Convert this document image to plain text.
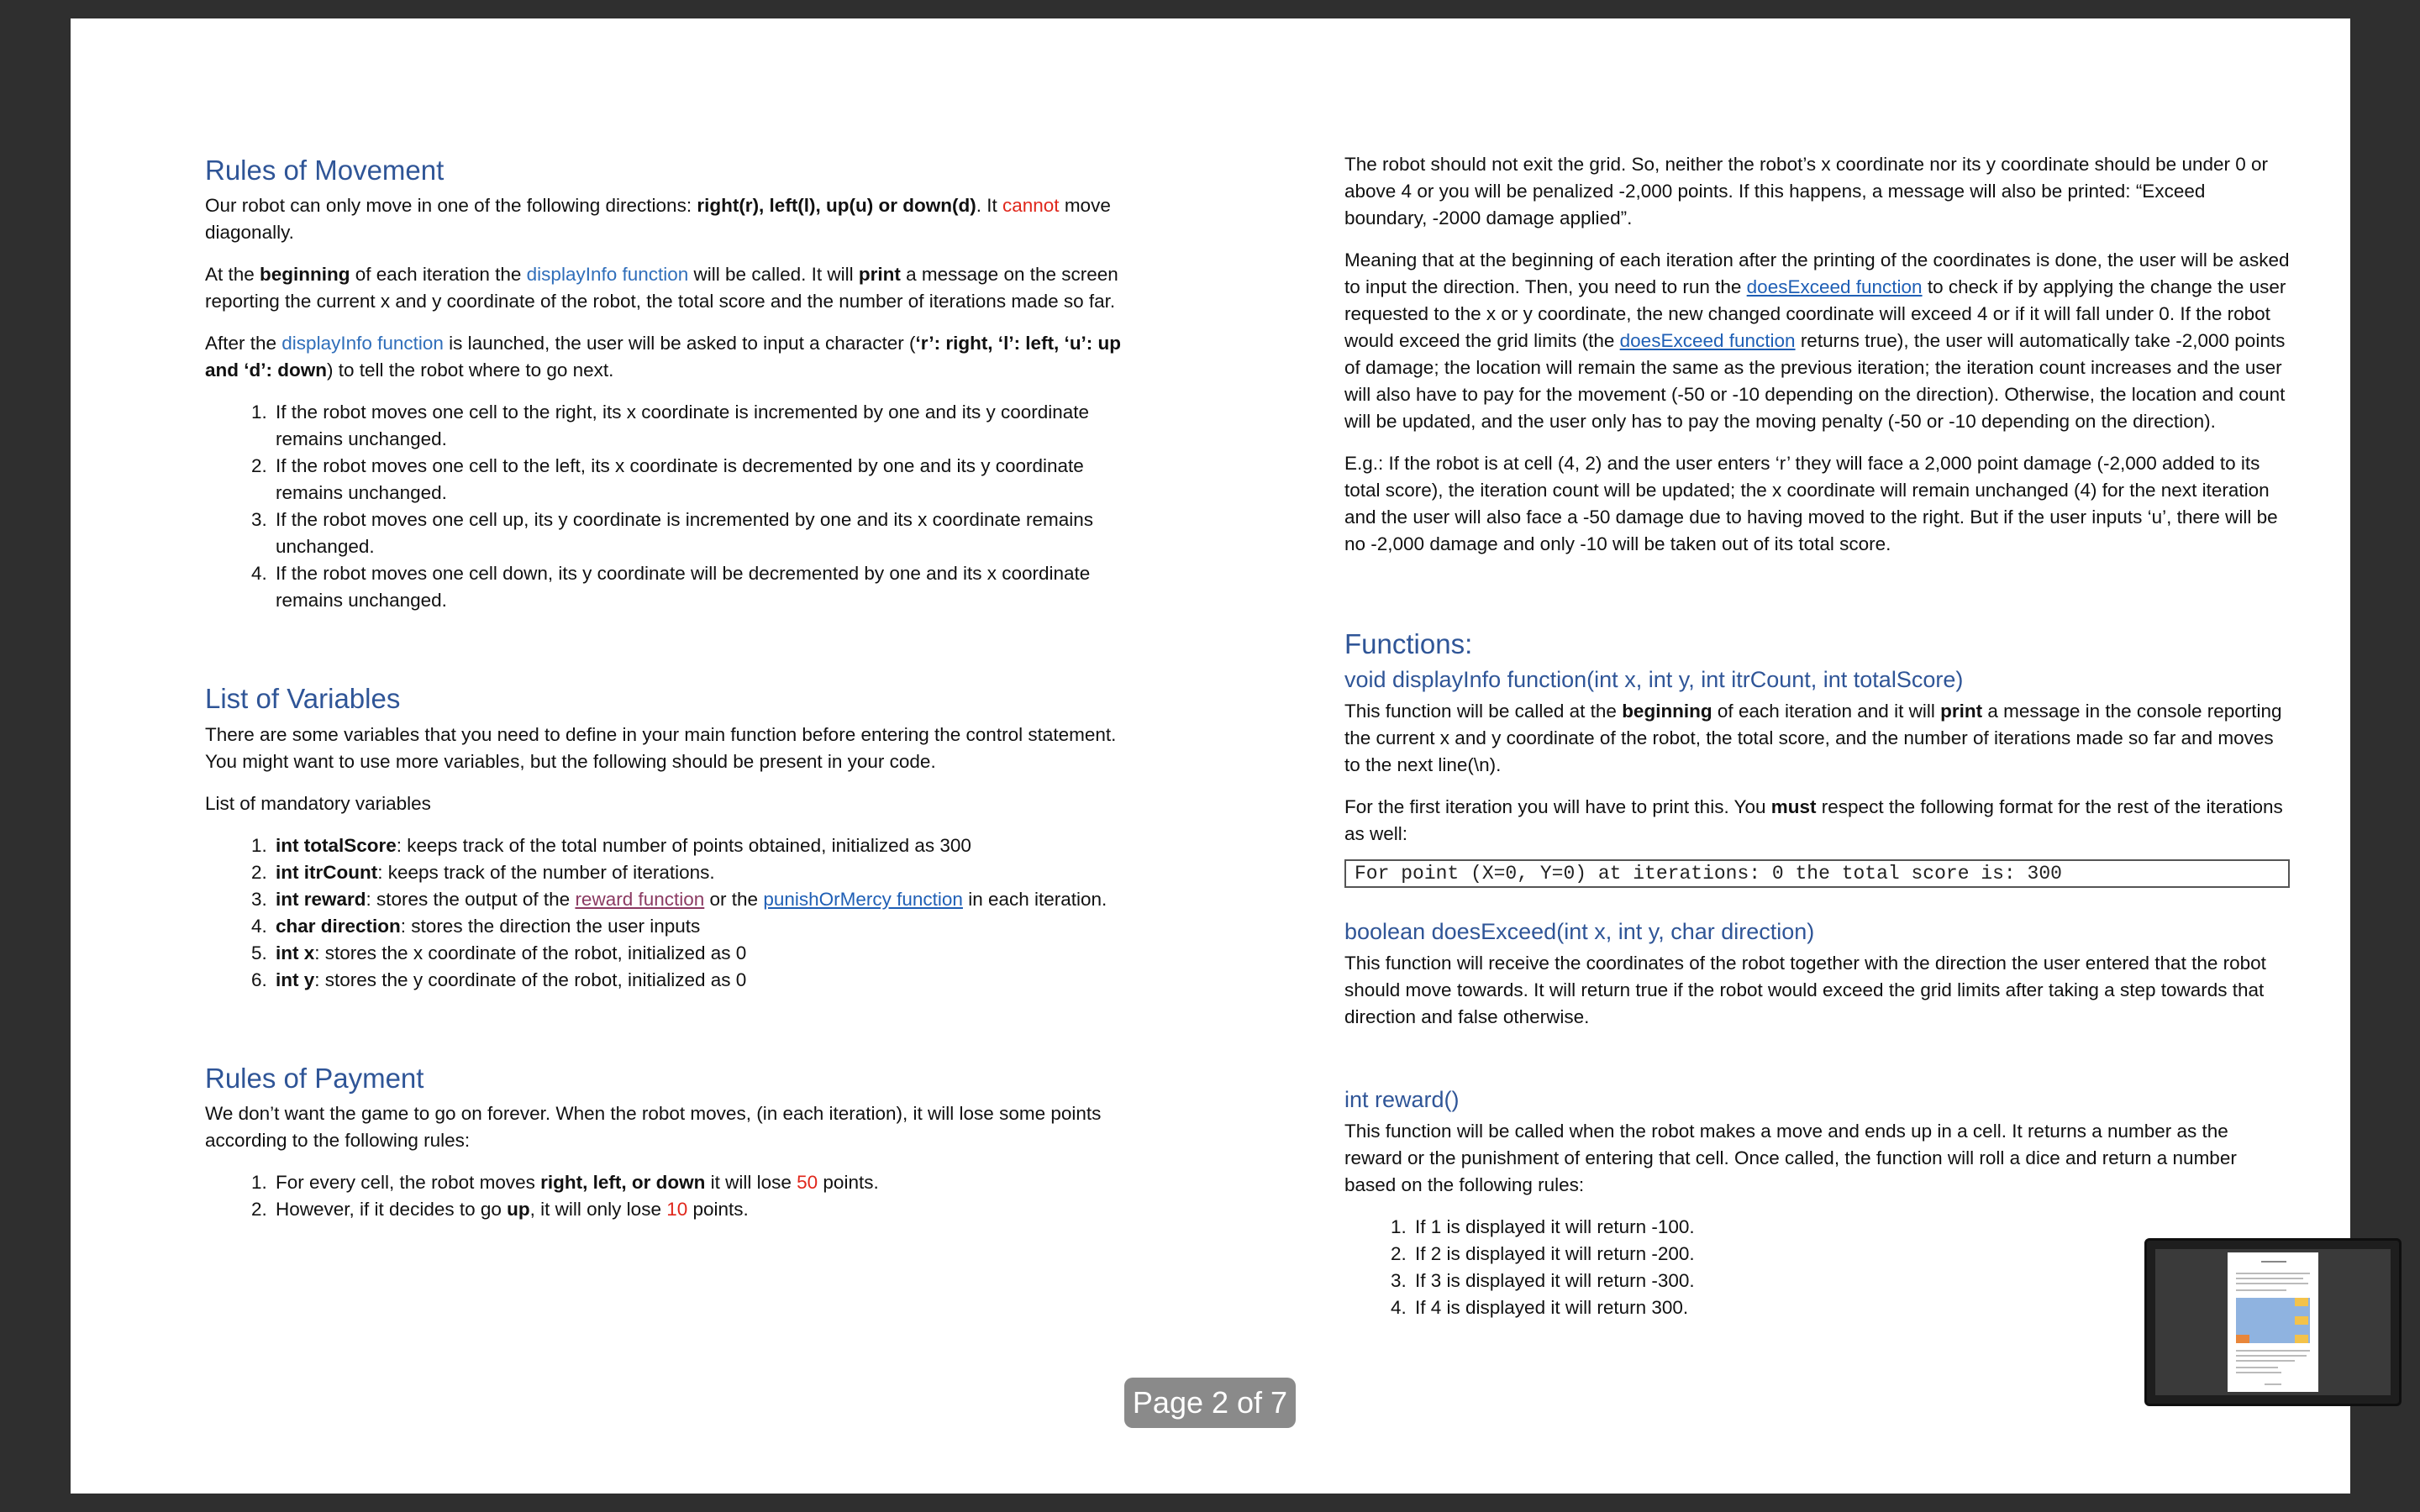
Rules of Movement

Our robot can only move in one of the following directions: right(r), left(l), up(u) or down(d). It cannot move diagonally.

At the beginning of each iteration the displayInfo function will be called. It will print a message on the screen reporting the current x and y coordinate of the robot, the total score and the number of iterations made so far.

After the displayInfo function is launched, the user will be asked to input a character (‘r’: right, ‘l’: left, ‘u’: up and ‘d’: down) to tell the robot where to go next.

1. If the robot moves one cell to the right, its x coordinate is incremented by one and its y coordinate remains unchanged.
2. If the robot moves one cell to the left, its x coordinate is decremented by one and its y coordinate remains unchanged.
3. If the robot moves one cell up, its y coordinate is incremented by one and its x coordinate remains unchanged.
4. If the robot moves one cell down, its y coordinate will be decremented by one and its x coordinate remains unchanged.
List of Variables

There are some variables that you need to define in your main function before entering the control statement. You might want to use more variables, but the following should be present in your code.

List of mandatory variables

1. int totalScore: keeps track of the total number of points obtained, initialized as 300
2. int itrCount: keeps track of the number of iterations.
3. int reward: stores the output of the reward function or the punishOrMercy function in each iteration.
4. char direction: stores the direction the user inputs
5. int x: stores the x coordinate of the robot, initialized as 0
6. int y: stores the y coordinate of the robot, initialized as 0
Rules of Payment

We don’t want the game to go on forever. When the robot moves, (in each iteration), it will lose some points according to the following rules:

1. For every cell, the robot moves right, left, or down it will lose 50 points.
2. However, if it decides to go up, it will only lose 10 points.

The robot should not exit the grid. So, neither the robot’s x coordinate nor its y coordinate should be under 0 or above 4 or you will be penalized -2,000 points. If this happens, a message will also be printed: “Exceed boundary, -2000 damage applied”.

Meaning that at the beginning of each iteration after the printing of the coordinates is done, the user will be asked to input the direction. Then, you need to run the doesExceed function to check if by applying the change the user requested to the x or y coordinate, the new changed coordinate will exceed 4 or if it will fall under 0. If the robot would exceed the grid limits (the doesExceed function returns true), the user will automatically take -2,000 points of damage; the location will remain the same as the previous iteration; the iteration count increases and the user will also have to pay for the movement (-50 or -10 depending on the direction). Otherwise, the location and count will be updated, and the user only has to pay the moving penalty (-50 or -10 depending on the direction).

E.g.: If the robot is at cell (4, 2) and the user enters ‘r’ they will face a 2,000 point damage (-2,000 added to its total score), the iteration count will be updated; the x coordinate will remain unchanged (4) for the next iteration and the user will also face a -50 damage due to having moved to the right. But if the user inputs ‘u’, there will be no -2,000 damage and only -10 will be taken out of its total score.

Functions:
void displayInfo function(int x, int y, int itrCount, int totalScore)

This function will be called at the beginning of each iteration and it will print a message in the console reporting the current x and y coordinate of the robot, the total score, and the number of iterations made so far and moves to the next line(\n).

For the first iteration you will have to print this. You must respect the following format for the rest of the iterations as well:

For point (X=0, Y=0) at iterations: 0 the total score is: 300
boolean doesExceed(int x, int y, char direction)

This function will receive the coordinates of the robot together with the direction the user entered that the robot should move towards. It will return true if the robot would exceed the grid limits after taking a step towards that direction and false otherwise.

int reward()

This function will be called when the robot makes a move and ends up in a cell. It returns a number as the reward or the punishment of entering that cell. Once called, the function will roll a dice and return a number based on the following rules:

1. If 1 is displayed it will return -100.
2. If 2 is displayed it will return -200.
3. If 3 is displayed it will return -300.
4. If 4 is displayed it will return 300.
Page 2 of 7
